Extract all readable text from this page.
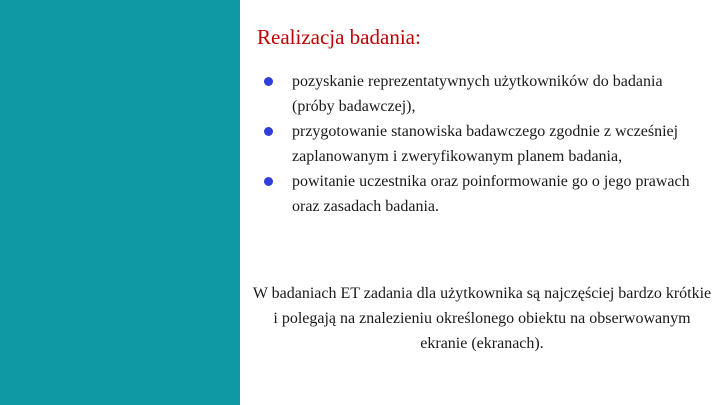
Realizacja badania:
pozyskanie reprezentatywnych użytkowników do badania (próby badawczej),
przygotowanie stanowiska badawczego zgodnie z wcześniej zaplanowanym i zweryfikowanym planem badania,
powitanie uczestnika oraz poinformowanie go o jego prawach oraz zasadach badania.

W badaniach ET zadania dla użytkownika są najczęściej bardzo krótkie i polegają na znalezieniu określonego obiektu na obserwowanym ekranie (ekranach).
